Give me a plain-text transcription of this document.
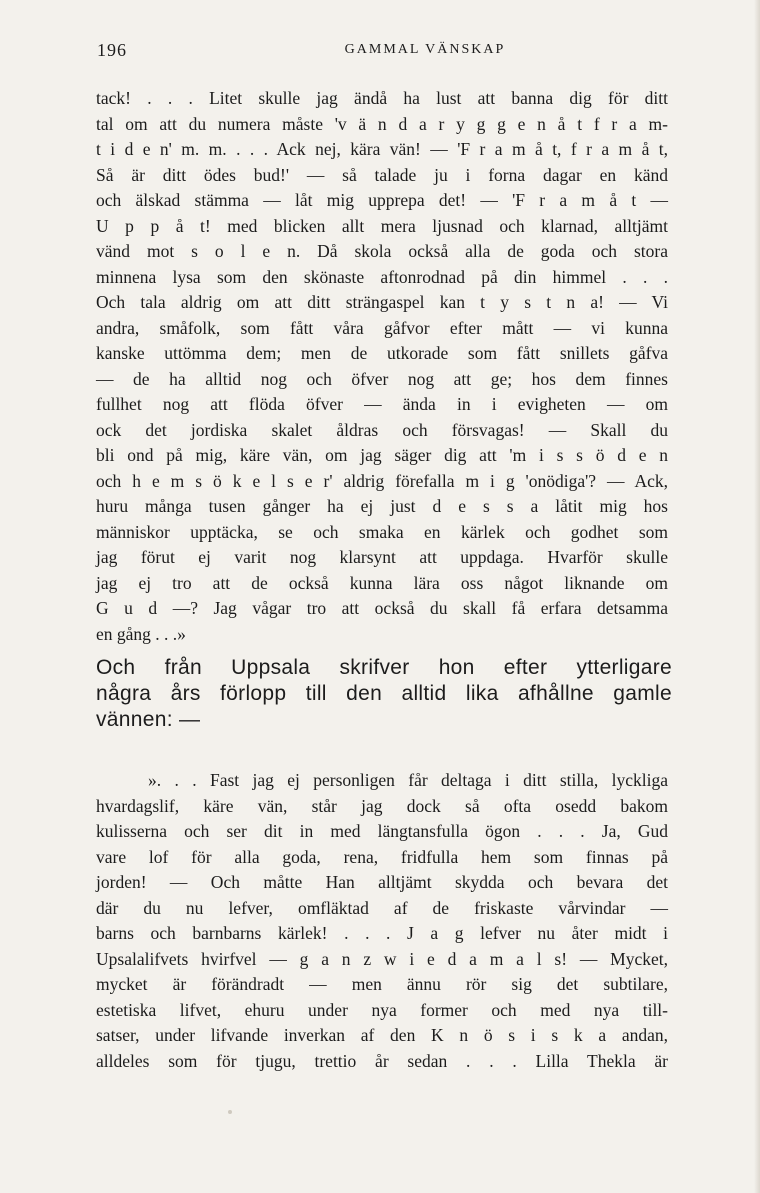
196	GAMMAL VÄNSKAP
tack! . . . Litet skulle jag ändå ha lust att banna dig för ditt
tal om att du numera måste 'v ä n d a r y g g e n å t f r a m-
t i d e n' m. m. . . . Ack nej, kära vän! — 'F r a m å t, f r a m å t,
Så är ditt ödes bud!' — så talade ju i forna dagar en känd
och älskad stämma — låt mig upprepa det! — 'F r a m å t —
U p p å t! med blicken allt mera ljusnad och klarnad, alltjämt
vänd mot s o l e n. Då skola också alla de goda och stora
minnena lysa som den skönaste aftonrodnad på din himmel . . .
Och tala aldrig om att ditt strängaspel kan t y s t n a! — Vi
andra, småfolk, som fått våra gåfvor efter mått — vi kunna
kanske uttömma dem; men de utkorade som fått snillets gåfva
— de ha alltid nog och öfver nog att ge; hos dem finnes
fullhet nog att flöda öfver — ända in i evigheten — om
ock det jordiska skalet åldras och försvagas! — Skall du
bli ond på mig, käre vän, om jag säger dig att 'm i s s ö d e n
och h e m s ö k e l s e r' aldrig förefalla m i g 'onödiga'? — Ack,
huru många tusen gånger ha ej just d e s s a låtit mig hos
människor upptäcka, se och smaka en kärlek och godhet som
jag förut ej varit nog klarsynt att uppdaga. Hvarför skulle
jag ej tro att de också kunna lära oss något liknande om
G u d —? Jag vågar tro att också du skall få erfara detsamma
en gång . . .»
Och från Uppsala skrifver hon efter ytterligare
några års förlopp till den alltid lika afhållne gamle
vännen: —
». . . Fast jag ej personligen får deltaga i ditt stilla, lyckliga
hvardagslif, käre vän, står jag dock så ofta osedd bakom
kulisserna och ser dit in med längtansfulla ögon . . . Ja, Gud
vare lof för alla goda, rena, fridfulla hem som finnas på
jorden! — Och måtte Han alltjämt skydda och bevara det
där du nu lefver, omfläktad af de friskaste vårvindar —
barns och barnbarns kärlek! . . . J a g lefver nu åter midt i
Upsalalifvets hvirfvel — g a n z w i e d a m a l s! — Mycket,
mycket är förändradt — men ännu rör sig det subtilare,
estetiska lifvet, ehuru under nya former och med nya till-
satser, under lifvande inverkan af den K n ö s i s k a andan,
alldeles som för tjugu, trettio år sedan . . . Lilla Thekla är
